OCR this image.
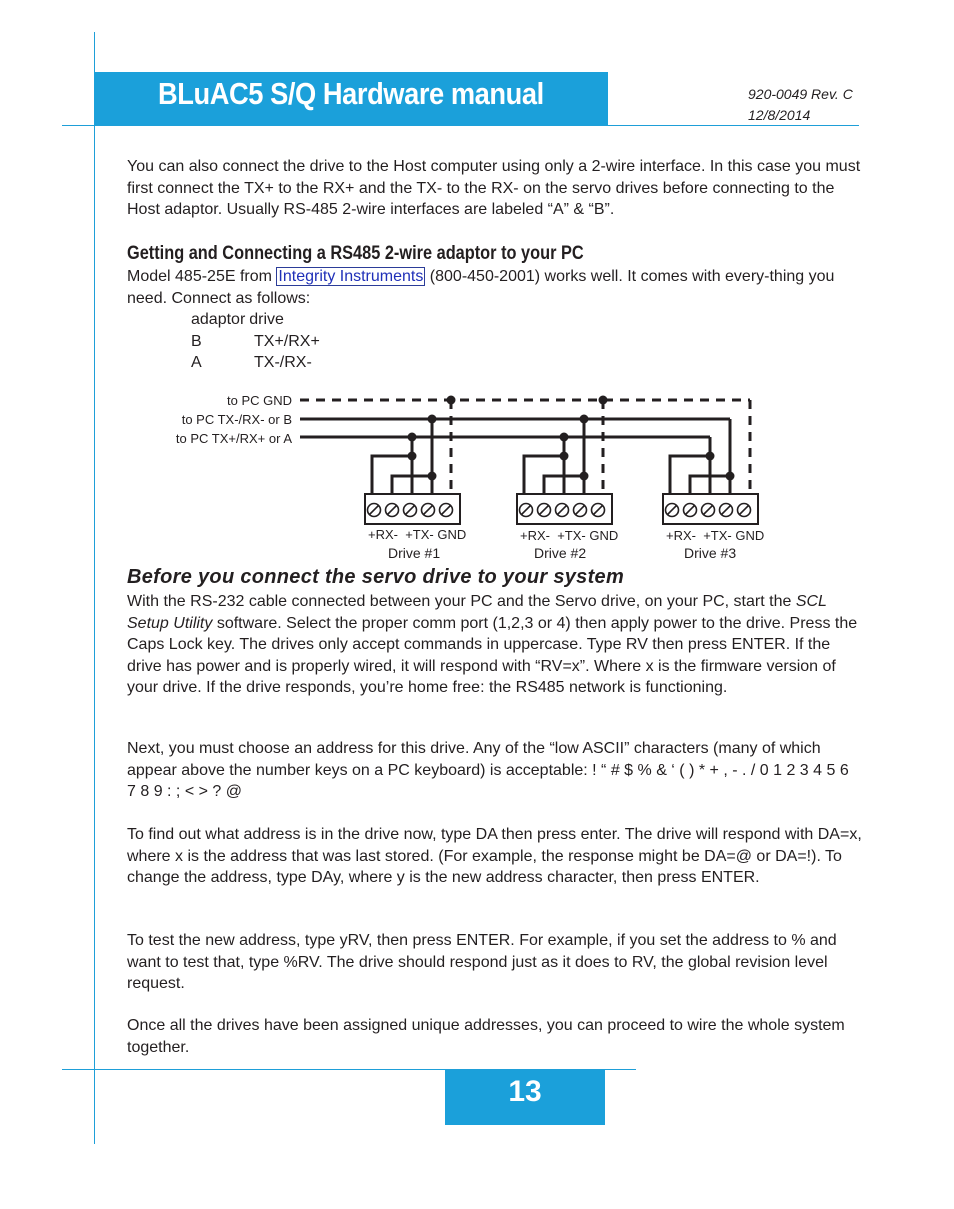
BLuAC5 S/Q Hardware manual	920-0049 Rev. C
12/8/2014

You can also connect the drive to the Host computer using only a 2-wire interface. In this case you must first connect the TX+ to the RX+ and the TX- to the RX- on the servo drives before connecting to the Host adaptor. Usually RS-485 2-wire interfaces are labeled “A” & “B”.

Getting and Connecting a RS485 2-wire adaptor to your PC

Model 485-25E from Integrity Instruments (800-450-2001) works well. It comes with every-thing you need. Connect as follows:

adaptor drive
B	TX+/RX+
A	TX-/RX-
to PC GND
to PC TX-/RX- or B
to PC TX+/RX+ or A
+RX-  +TX- GND	+RX-  +TX- GND	+RX-  +TX- GND
Drive #1	Drive #2	Drive #3
Before you connect the servo drive to your system

With the RS-232 cable connected between your PC and the Servo drive, on your PC, start the SCL Setup Utility software. Select the proper comm port (1,2,3 or 4) then apply power to the drive. Press the Caps Lock key. The drives only accept commands in uppercase. Type RV then press ENTER. If the drive has power and is properly wired, it will respond with “RV=x”. Where x is the firmware version of your drive. If the drive responds, you’re home free: the RS485 network is functioning.

Next, you must choose an address for this drive. Any of the “low ASCII” characters (many of which appear above the number keys on a PC keyboard) is acceptable: ! “ # $ % & ‘ ( ) * + , - . / 0 1 2 3 4 5 6 7 8 9 : ; < > ? @

To find out what address is in the drive now, type DA then press enter. The drive will respond with DA=x, where x is the address that was last stored. (For example, the response might be DA=@ or DA=!). To change the address, type DAy, where y is the new address character, then press ENTER.

To test the new address, type yRV, then press ENTER. For example, if you set the address to % and want to test that, type %RV. The drive should respond just as it does to RV, the global revision level request.

Once all the drives have been assigned unique addresses, you can proceed to wire the whole system together.

13
